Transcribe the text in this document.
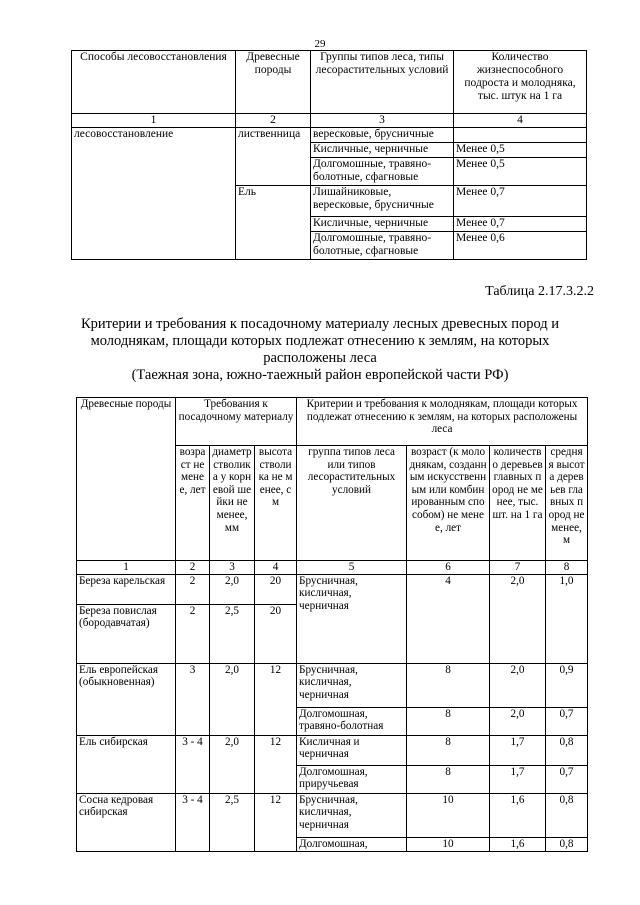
29
Способы лесовосстановления	Древесные породы	Группы типов леса, типы лесорастительных условий	Количество жизнеспособного подроста и молодняка, тыс. штук на 1 га
1	2	3	4
лесовосстановление	лиственница	вересковые, брусничные	
		Кисличные, черничные	Менее 0,5
		Долгомошные, травяно-болотные, сфагновые	Менее 0,5
	Ель	Лишайниковые, вересковые, брусничные	Менее 0,7
		Кисличные, черничные	Менее 0,7
		Долгомошные, травяно-болотные, сфагновые	Менее 0,6
Таблица 2.17.3.2.2
Критерии и требования к посадочному материалу лесных древесных пород и
молоднякам, площади которых подлежат отнесению к землям, на которых
расположены леса
(Таежная зона, южно-таежный район европейской части РФ)
Древесные породы	Требования к посадочному материалу			Критерии и требования к молоднякам, площади которых подлежат отнесению к землям, на которых расположены леса			
	возраст не менее, лет	диаметр стволика у корневой шейки не менее, мм	высота стволика не менее, см	группа типов леса или типов лесорастительных условий	возраст (к молоднякам, созданным искусственным или комбинированным способом) не менее, лет	количество деревьев главных пород не менее, тыс. шт. на 1 га	средняя высота деревьев главных пород не менее, м
1	2	3	4	5	6	7	8
Береза карельская	2	2,0	20	Брусничная, кисличная, черничная	4	2,0	1,0
Береза повислая (бородавчатая)	2	2,5	20				
Ель европейская (обыкновенная)	3	2,0	12	Брусничная, кисличная, черничная	8	2,0	0,9
				Долгомошная, травяно-болотная	8	2,0	0,7
Ель сибирская	3 - 4	2,0	12	Кисличная и черничная	8	1,7	0,8
				Долгомошная, приручьевая	8	1,7	0,7
Сосна кедровая сибирская	3 - 4	2,5	12	Брусничная, кисличная, черничная	10	1,6	0,8
				Долгомошная,	10	1,6	0,8
